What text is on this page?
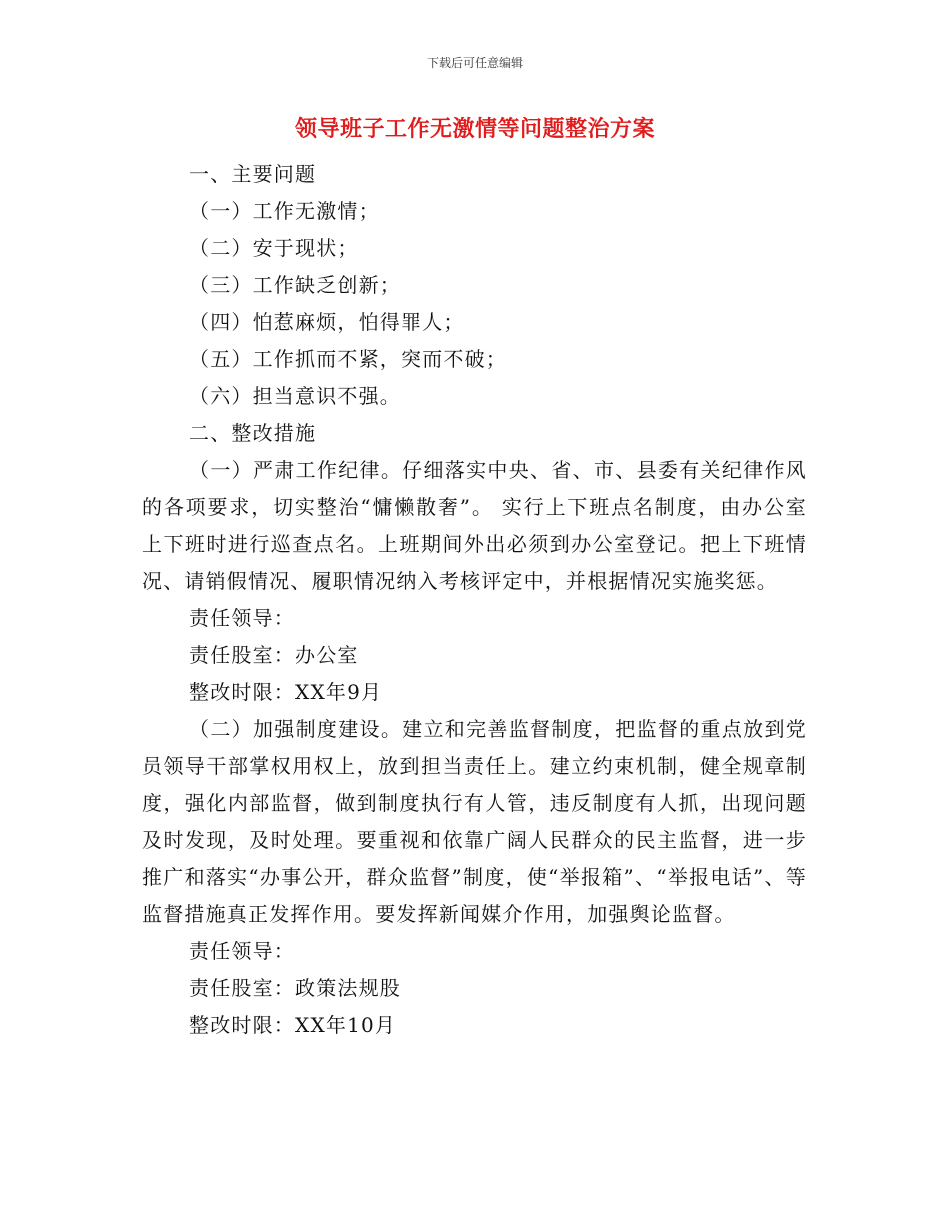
下载后可任意编辑
领导班子工作无激情等问题整治方案

一、主要问题

（一）工作无激情；

（二）安于现状；

（三）工作缺乏创新；

（四）怕惹麻烦，怕得罪人；

（五）工作抓而不紧，突而不破；

（六）担当意识不强。

二、整改措施

（一）严肃工作纪律。仔细落实中央、省、市、县委有关纪律作风的各项要求，切实整治“慵懒散奢”。 实行上下班点名制度，由办公室上下班时进行巡查点名。上班期间外出必须到办公室登记。把上下班情况、请销假情况、履职情况纳入考核评定中，并根据情况实施奖惩。

责任领导：

责任股室：办公室

整改时限：XX年9月

（二）加强制度建设。建立和完善监督制度，把监督的重点放到党员领导干部掌权用权上，放到担当责任上。建立约束机制，健全规章制度，强化内部监督，做到制度执行有人管，违反制度有人抓，出现问题及时发现，及时处理。要重视和依靠广阔人民群众的民主监督，进一步推广和落实“办事公开，群众监督”制度，使“举报箱”、“举报电话”、等监督措施真正发挥作用。要发挥新闻媒介作用，加强舆论监督。

责任领导：

责任股室：政策法规股

整改时限：XX年10月
